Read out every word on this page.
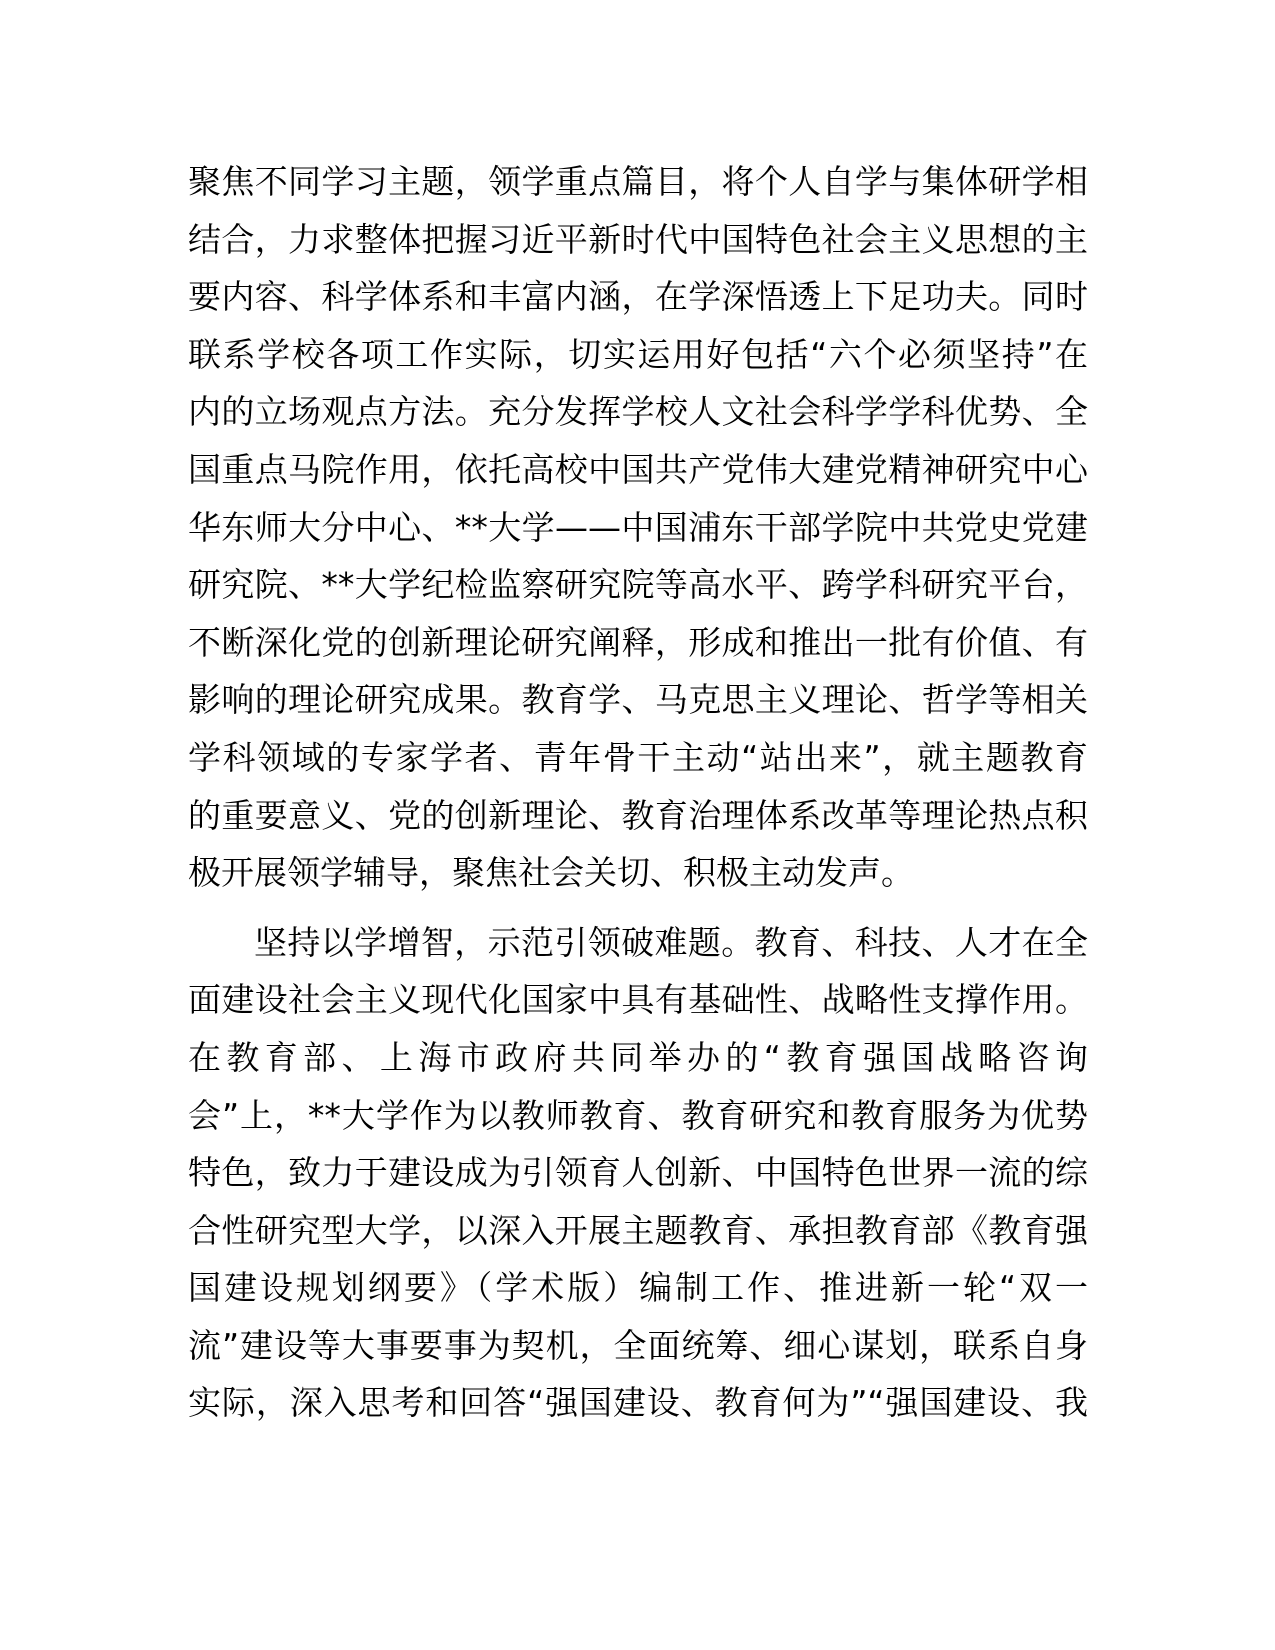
聚焦不同学习主题，领学重点篇目，将个人自学与集体研学相
结合，力求整体把握习近平新时代中国特色社会主义思想的主
要内容、科学体系和丰富内涵，在学深悟透上下足功夫。同时
联系学校各项工作实际，切实运用好包括“六个必须坚持”在
内的立场观点方法。充分发挥学校人文社会科学学科优势、全
国重点马院作用，依托高校中国共产党伟大建党精神研究中心
华东师大分中心、**大学——中国浦东干部学院中共党史党建
研究院、**大学纪检监察研究院等高水平、跨学科研究平台，
不断深化党的创新理论研究阐释，形成和推出一批有价值、有
影响的理论研究成果。教育学、马克思主义理论、哲学等相关
学科领域的专家学者、青年骨干主动“站出来”，就主题教育
的重要意义、党的创新理论、教育治理体系改革等理论热点积
极开展领学辅导，聚焦社会关切、积极主动发声。
坚持以学增智，示范引领破难题。教育、科技、人才在全
面建设社会主义现代化国家中具有基础性、战略性支撑作用。
在教育部、上海市政府共同举办的“教育强国战略咨询
会”上，**大学作为以教师教育、教育研究和教育服务为优势
特色，致力于建设成为引领育人创新、中国特色世界一流的综
合性研究型大学，以深入开展主题教育、承担教育部《教育强
国建设规划纲要》（学术版）编制工作、推进新一轮“双一
流”建设等大事要事为契机，全面统筹、细心谋划，联系自身
实际，深入思考和回答“强国建设、教育何为”“强国建设、我
